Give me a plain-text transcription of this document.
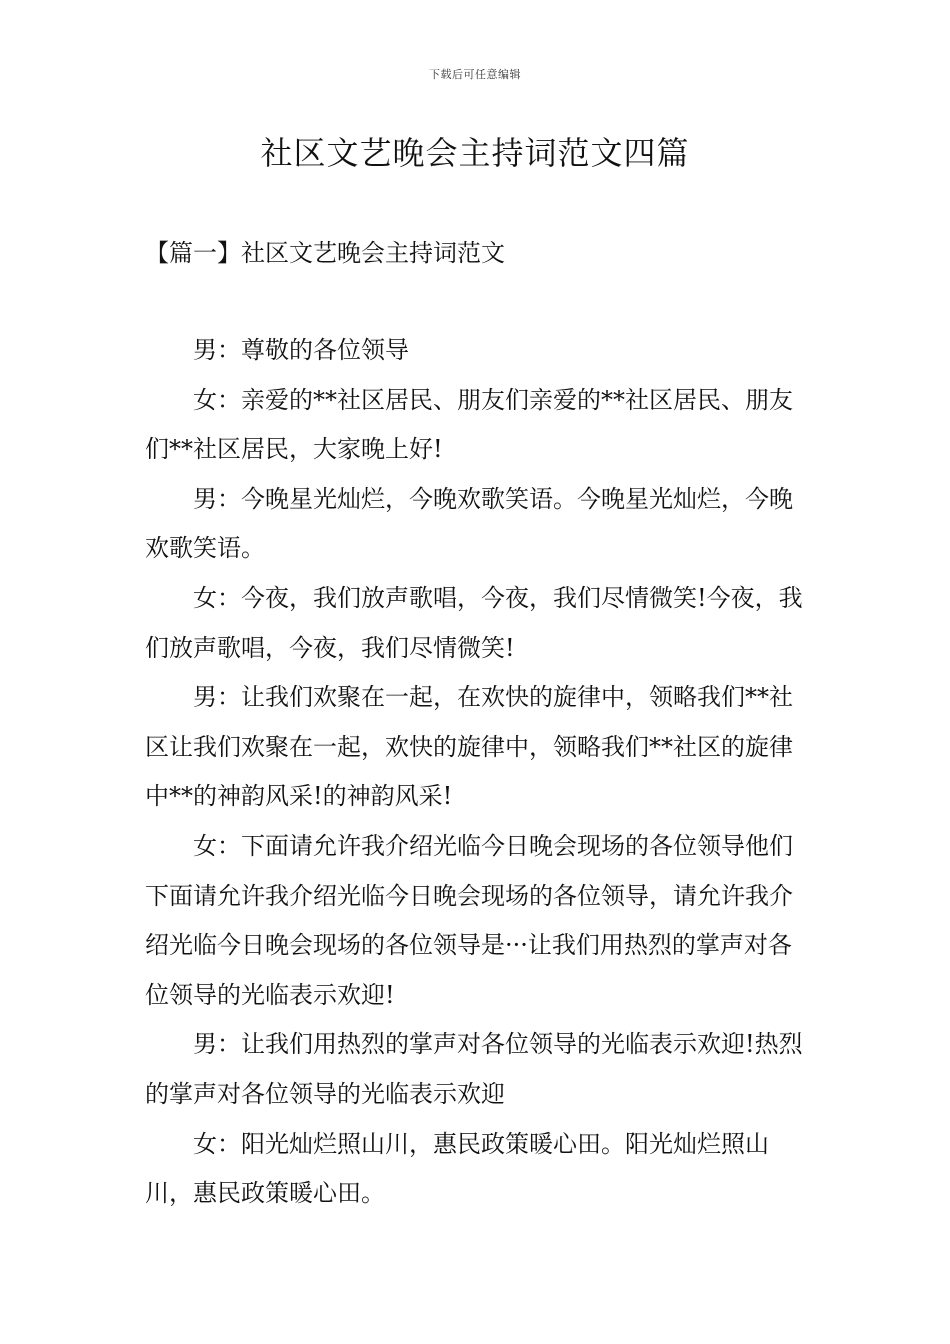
下载后可任意编辑
社区文艺晚会主持词范文四篇
【篇一】社区文艺晚会主持词范文

男：尊敬的各位领导

女：亲爱的**社区居民、朋友们亲爱的**社区居民、朋友们**社区居民，大家晚上好!

男：今晚星光灿烂，今晚欢歌笑语。今晚星光灿烂，今晚欢歌笑语。

女：今夜，我们放声歌唱，今夜，我们尽情微笑!今夜，我们放声歌唱，今夜，我们尽情微笑!

男：让我们欢聚在一起，在欢快的旋律中，领略我们**社区让我们欢聚在一起，欢快的旋律中，领略我们**社区的旋律中**的神韵风采!的神韵风采!

女：下面请允许我介绍光临今日晚会现场的各位领导他们下面请允许我介绍光临今日晚会现场的各位领导，请允许我介绍光临今日晚会现场的各位领导是···让我们用热烈的掌声对各位领导的光临表示欢迎!

男：让我们用热烈的掌声对各位领导的光临表示欢迎!热烈的掌声对各位领导的光临表示欢迎

女：阳光灿烂照山川，惠民政策暖心田。阳光灿烂照山川，惠民政策暖心田。
